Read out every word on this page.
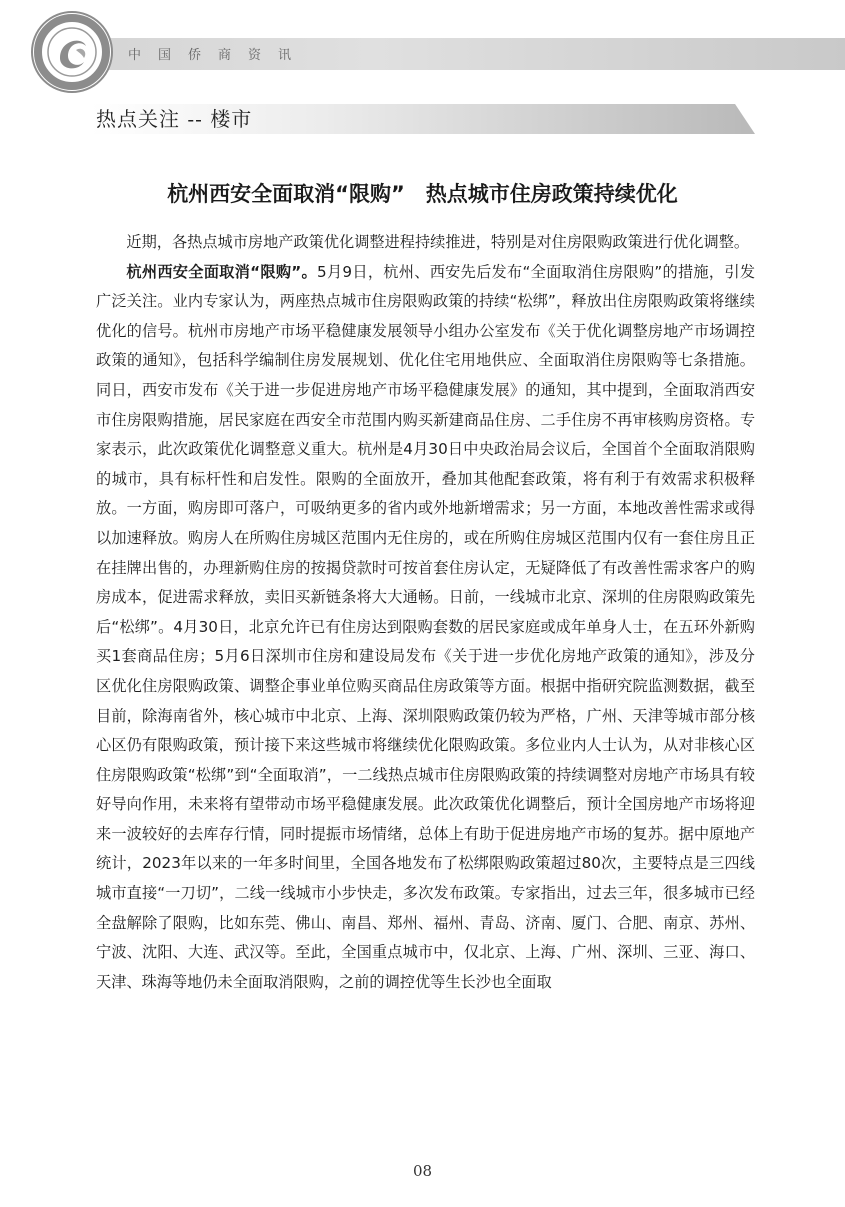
中国侨商资讯
热点关注 -- 楼市
杭州西安全面取消“限购”　热点城市住房政策持续优化

近期，各热点城市房地产政策优化调整进程持续推进，特别是对住房限购政策进行优化调整。

杭州西安全面取消“限购”。5月9日，杭州、西安先后发布“全面取消住房限购”的措施，引发广泛关注。业内专家认为，两座热点城市住房限购政策的持续“松绑”，释放出住房限购政策将继续优化的信号。杭州市房地产市场平稳健康发展领导小组办公室发布《关于优化调整房地产市场调控政策的通知》，包括科学编制住房发展规划、优化住宅用地供应、全面取消住房限购等七条措施。同日，西安市发布《关于进一步促进房地产市场平稳健康发展》的通知，其中提到，全面取消西安市住房限购措施，居民家庭在西安全市范围内购买新建商品住房、二手住房不再审核购房资格。专家表示，此次政策优化调整意义重大。杭州是4月30日中央政治局会议后，全国首个全面取消限购的城市，具有标杆性和启发性。限购的全面放开，叠加其他配套政策，将有利于有效需求积极释放。一方面，购房即可落户，可吸纳更多的省内或外地新增需求；另一方面，本地改善性需求或得以加速释放。购房人在所购住房城区范围内无住房的，或在所购住房城区范围内仅有一套住房且正在挂牌出售的，办理新购住房的按揭贷款时可按首套住房认定，无疑降低了有改善性需求客户的购房成本，促进需求释放，卖旧买新链条将大大通畅。日前，一线城市北京、深圳的住房限购政策先后“松绑”。4月30日，北京允许已有住房达到限购套数的居民家庭或成年单身人士，在五环外新购买1套商品住房；5月6日深圳市住房和建设局发布《关于进一步优化房地产政策的通知》，涉及分区优化住房限购政策、调整企事业单位购买商品住房政策等方面。根据中指研究院监测数据，截至目前，除海南省外，核心城市中北京、上海、深圳限购政策仍较为严格，广州、天津等城市部分核心区仍有限购政策，预计接下来这些城市将继续优化限购政策。多位业内人士认为，从对非核心区住房限购政策“松绑”到“全面取消”，一二线热点城市住房限购政策的持续调整对房地产市场具有较好导向作用，未来将有望带动市场平稳健康发展。此次政策优化调整后，预计全国房地产市场将迎来一波较好的去库存行情，同时提振市场情绪，总体上有助于促进房地产市场的复苏。据中原地产统计，2023年以来的一年多时间里，全国各地发布了松绑限购政策超过80次，主要特点是三四线城市直接“一刀切”，二线一线城市小步快走，多次发布政策。专家指出，过去三年，很多城市已经全盘解除了限购，比如东莞、佛山、南昌、郑州、福州、青岛、济南、厦门、合肥、南京、苏州、宁波、沈阳、大连、武汉等。至此，全国重点城市中，仅北京、上海、广州、深圳、三亚、海口、天津、珠海等地仍未全面取消限购，之前的调控优等生长沙也全面取

08
